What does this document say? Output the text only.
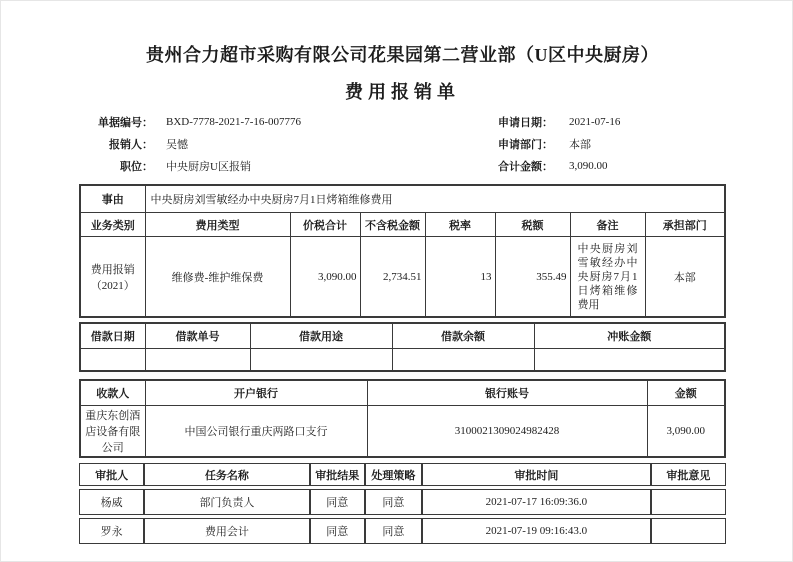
贵州合力超市采购有限公司花果园第二营业部（U区中央厨房）
费用报销单
单据编号：	BXD-7778-2021-7-16-007776	申请日期：	2021-07-16
报销人：	吴憾	申请部门：	本部
职位：	中央厨房U区报销	合计金额：	3,090.00
事由	中央厨房刘雪敏经办中央厨房7月1日烤箱维修费用						
业务类别	费用类型	价税合计	不含税金额	税率	税额	备注	承担部门
费用报销（2021）	维修费-维护维保费	3,090.00	2,734.51	13	355.49	中央厨房刘雪敏经办中央厨房7月1日烤箱维修费用	本部
借款日期	借款单号	借款用途	借款余额	冲账金额

收款人	开户银行	银行账号	金额
重庆东创酒店设备有限公司	中国公司银行重庆两路口支行	3100021309024982428	3,090.00
审批人	任务名称	审批结果	处理策略	审批时间	审批意见
杨威	部门负责人	同意	同意	2021-07-17 16:09:36.0	
罗永	费用会计	同意	同意	2021-07-19 09:16:43.0	
